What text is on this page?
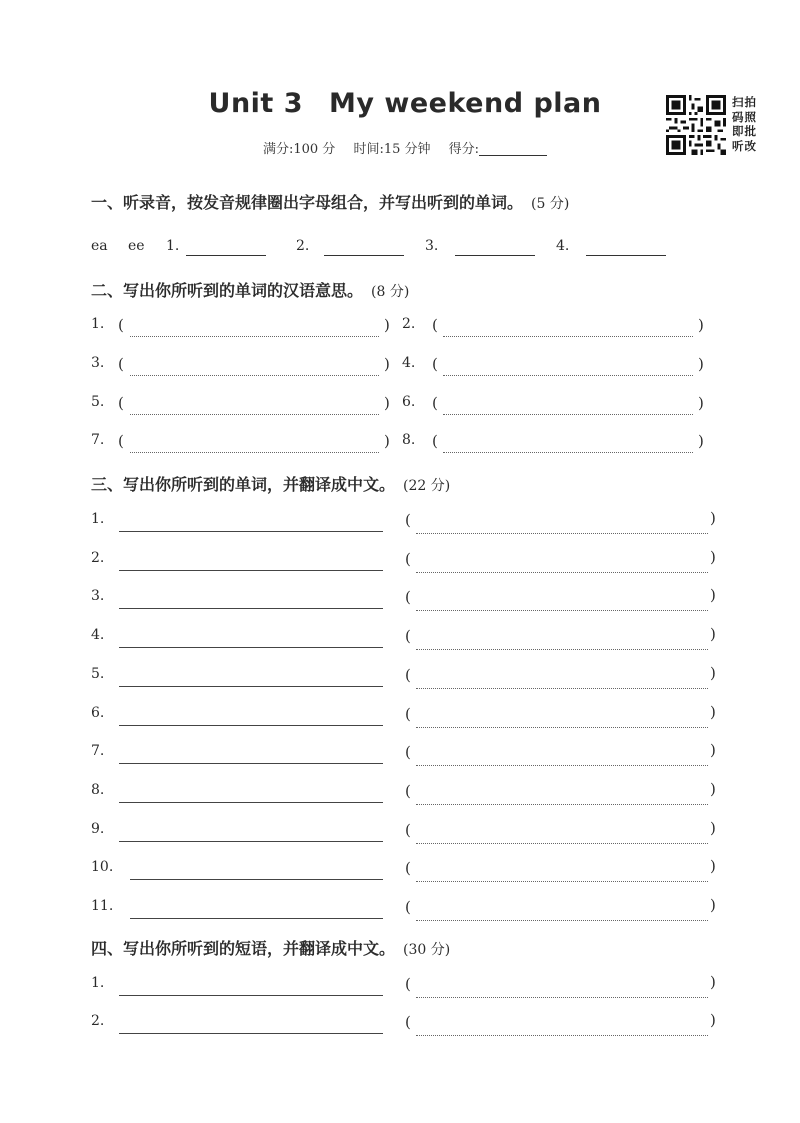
Unit 3 My weekend plan
满分:100 分 时间:15 分钟 得分:
扫拍码照即批听改
一、听录音，按发音规律圈出字母组合，并写出听到的单词。 (5 分)
ea ee 1.	2.	3.	4.
二、写出你所听到的单词的汉语意思。 (8 分)
1. (	) 2. (	)
3. (	) 4. (	)
5. (	) 6. (	)
7. (	) 8. (	)
三、写出你所听到的单词，并翻译成中文。 (22 分)
1.	(	)
2.	(	)
3.	(	)
4.	(	)
5.	(	)
6.	(	)
7.	(	)
8.	(	)
9.	(	)
10.	(	)
11.	(	)
四、写出你所听到的短语，并翻译成中文。 (30 分)
1.	(	)
2.	(	)
